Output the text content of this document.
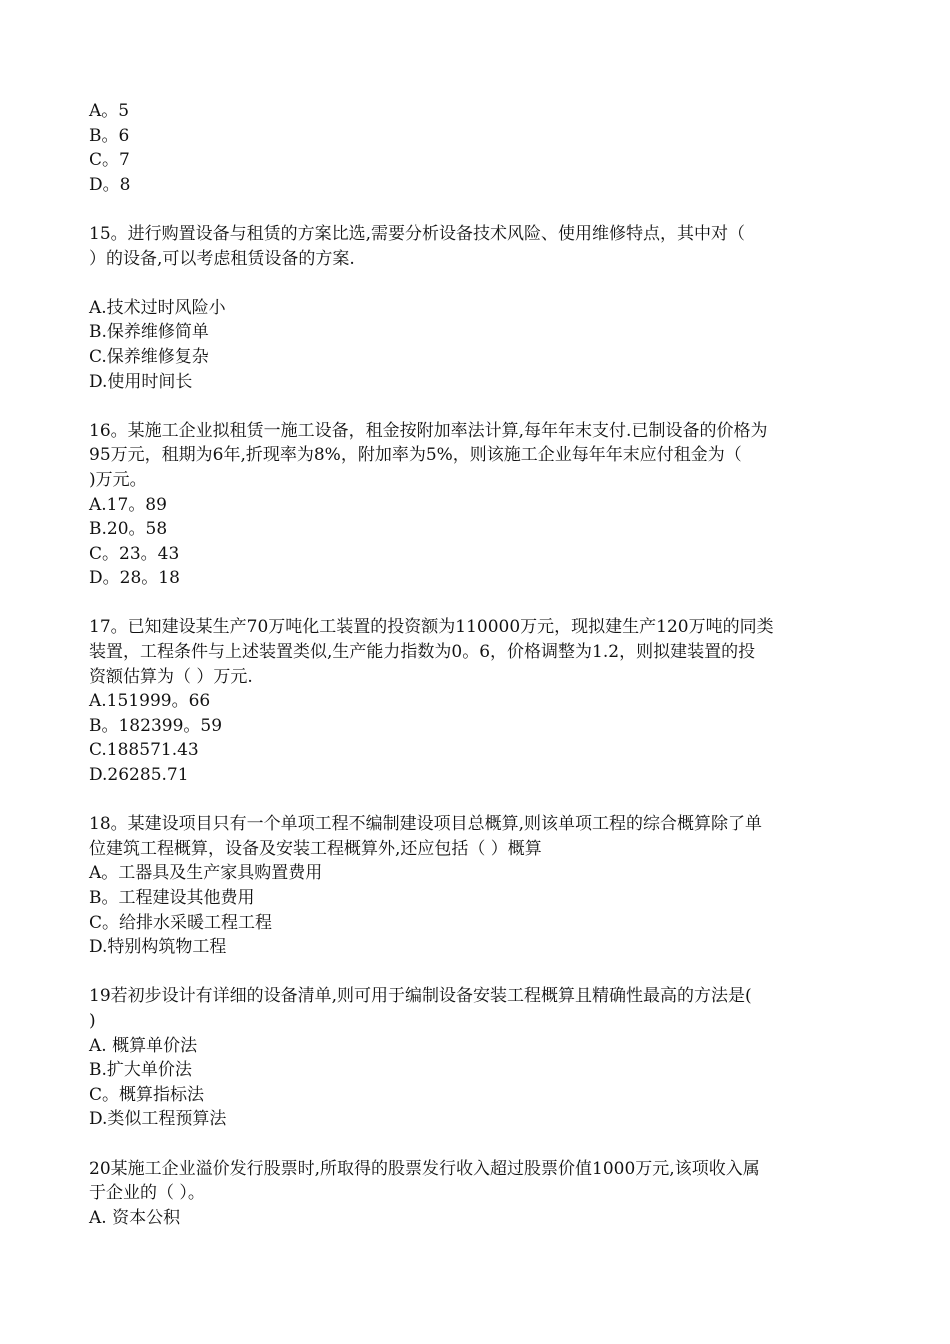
A。5
B。6
C。7
D。8
15。进行购置设备与租赁的方案比选,需要分析设备技术风险、使用维修特点，其中对（
）的设备,可以考虑租赁设备的方案.
A.技术过时风险小
B.保养维修简单
C.保养维修复杂
D.使用时间长
16。某施工企业拟租赁一施工设备，租金按附加率法计算,每年年末支付.已制设备的价格为
95万元，租期为6年,折现率为8%，附加率为5%，则该施工企业每年年末应付租金为（
)万元。
A.17。89
B.20。58
C。23。43
D。28。18
17。已知建设某生产70万吨化工装置的投资额为110000万元，现拟建生产120万吨的同类
装置，工程条件与上述装置类似,生产能力指数为0。6，价格调整为1.2，则拟建装置的投
资额估算为（ ）万元.
A.151999。66
B。182399。59
C.188571.43
D.26285.71
18。某建设项目只有一个单项工程不编制建设项目总概算,则该单项工程的综合概算除了单
位建筑工程概算，设备及安装工程概算外,还应包括（ ）概算
A。工器具及生产家具购置费用
B。工程建设其他费用
C。给排水采暖工程工程
D.特别构筑物工程
19若初步设计有详细的设备清单,则可用于编制设备安装工程概算且精确性最高的方法是(
)
A. 概算单价法
B.扩大单价法
C。概算指标法
D.类似工程预算法
20某施工企业溢价发行股票时,所取得的股票发行收入超过股票价值1000万元,该项收入属
于企业的（ ）。
A. 资本公积
